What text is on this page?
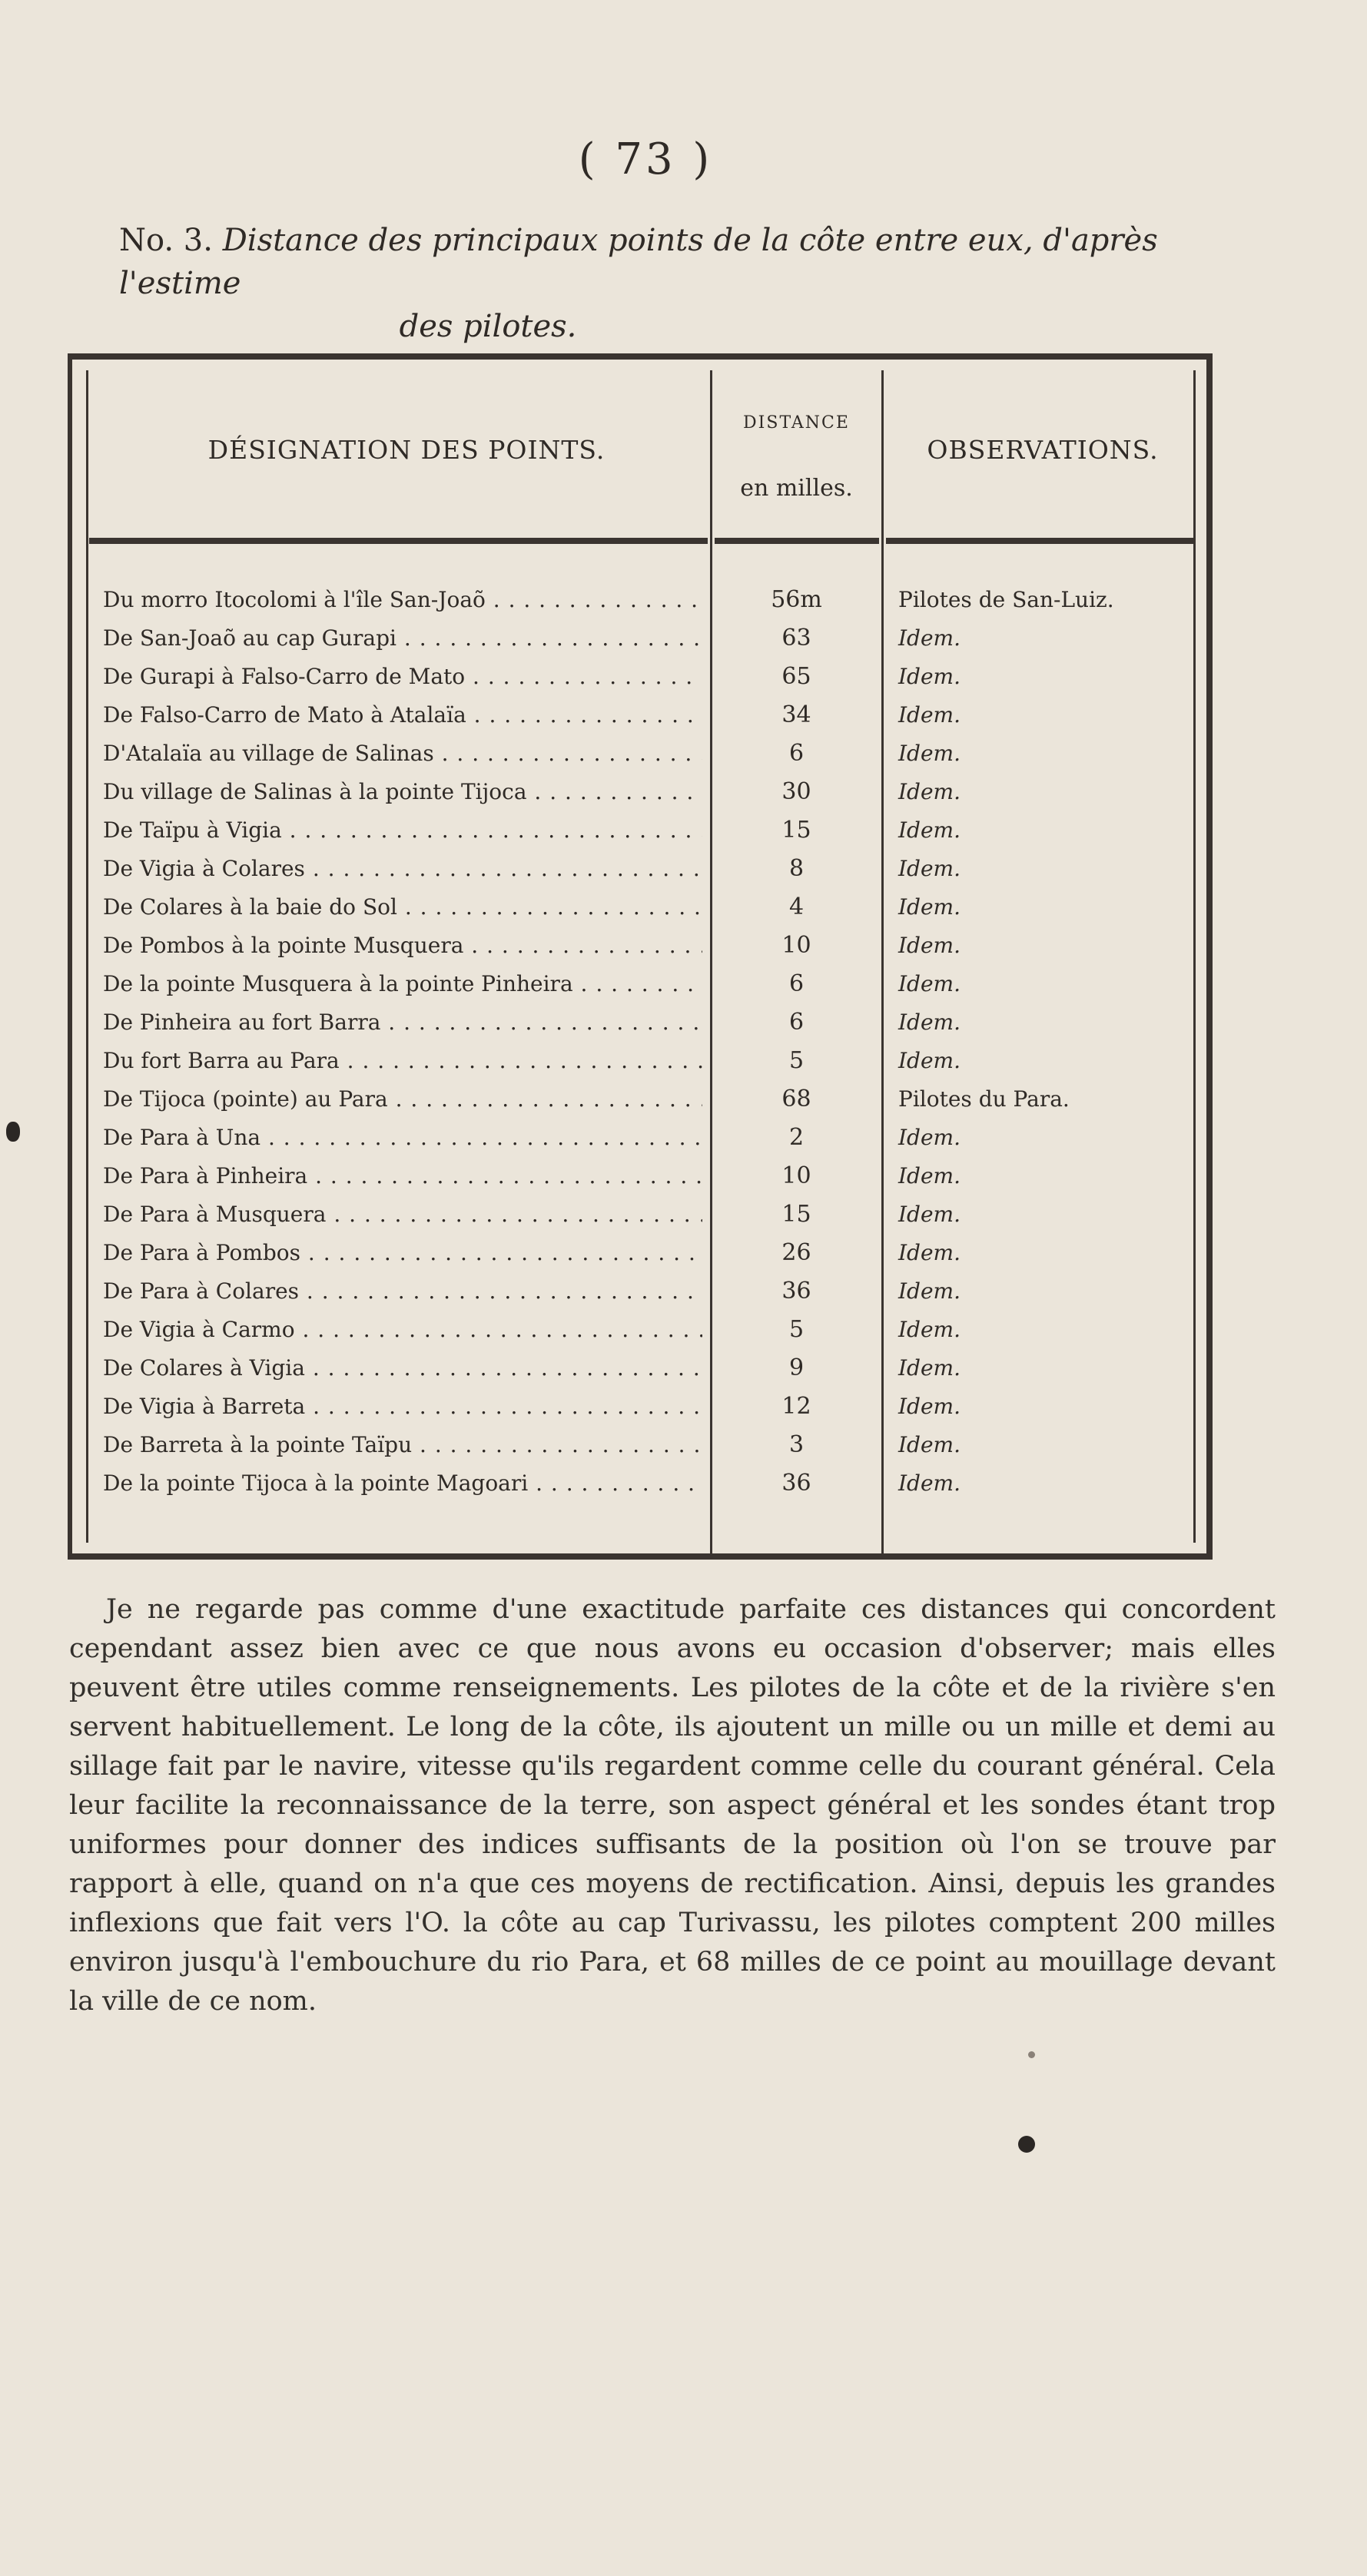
( 73 )
No. 3. Distance des principaux points de la côte entre eux, d'après l'estime
des pilotes.
DÉSIGNATION DES POINTS.
DISTANCE
en milles.
OBSERVATIONS.
Du morro Itocolomi à l'île San-Joaõ . . .	56m	Pilotes de San-Luiz.
De San-Joaõ au cap Gurapi . . .	63	Idem.
De Gurapi à Falso-Carro de Mato . . .	65	Idem.
De Falso-Carro de Mato à Atalaïa . . .	34	Idem.
D'Atalaïa au village de Salinas . . .	6	Idem.
Du village de Salinas à la pointe Tijoca . . .	30	Idem.
De Taïpu à Vigia . . .	15	Idem.
De Vigia à Colares . . .	8	Idem.
De Colares à la baie do Sol . . .	4	Idem.
De Pombos à la pointe Musquera . . .	10	Idem.
De la pointe Musquera à la pointe Pinheira . . .	6	Idem.
De Pinheira au fort Barra . . .	6	Idem.
Du fort Barra au Para . . .	5	Idem.
De Tijoca (pointe) au Para . . .	68	Pilotes du Para.
De Para à Una . . .	2	Idem.
De Para à Pinheira . . .	10	Idem.
De Para à Musquera . . .	15	Idem.
De Para à Pombos . . .	26	Idem.
De Para à Colares . . .	36	Idem.
De Vigia à Carmo . . .	5	Idem.
De Colares à Vigia . . .	9	Idem.
De Vigia à Barreta . . .	12	Idem.
De Barreta à la pointe Taïpu . . .	3	Idem.
De la pointe Tijoca à la pointe Magoari . . .	36	Idem.
Je ne regarde pas comme d'une exactitude parfaite ces distances qui concordent cependant assez bien avec ce que nous avons eu occasion d'observer; mais elles peuvent être utiles comme renseignements. Les pilotes de la côte et de la rivière s'en servent habituellement. Le long de la côte, ils ajoutent un mille ou un mille et demi au sillage fait par le navire, vitesse qu'ils regardent comme celle du courant général. Cela leur facilite la reconnaissance de la terre, son aspect général et les sondes étant trop uniformes pour donner des indices suffisants de la position où l'on se trouve par rapport à elle, quand on n'a que ces moyens de rectification. Ainsi, depuis les grandes inflexions que fait vers l'O. la côte au cap Turivassu, les pilotes comptent 200 milles environ jusqu'à l'embouchure du rio Para, et 68 milles de ce point au mouillage devant la ville de ce nom.
